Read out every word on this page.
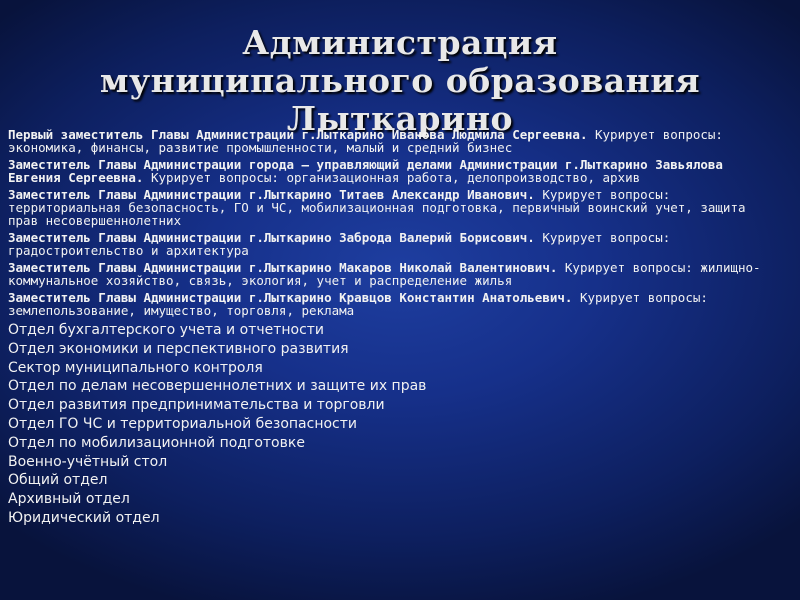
Администрация
муниципального образования
Лыткарино

Первый заместитель Главы Администрации г.Лыткарино Иванова Людмила Сергеевна. Курирует вопросы: экономика, финансы, развитие промышленности, малый и средний бизнес

Заместитель Главы Администрации города – управляющий делами Администрации г.Лыткарино Завьялова Евгения Сергеевна. Курирует вопросы: организационная работа, делопроизводство, архив

Заместитель Главы Администрации г.Лыткарино Титаев Александр Иванович. Курирует вопросы: территориальная безопасность, ГО и ЧС, мобилизационная подготовка, первичный воинский учет, защита прав несовершеннолетних

Заместитель Главы Администрации г.Лыткарино Заброда Валерий Борисович. Курирует вопросы: градостроительство и архитектура

Заместитель Главы Администрации г.Лыткарино Макаров Николай Валентинович. Курирует вопросы: жилищно-коммунальное хозяйство, связь, экология, учет и распределение жилья

Заместитель Главы Администрации г.Лыткарино Кравцов Константин Анатольевич. Курирует вопросы: землепользование, имущество, торговля, реклама

Отдел бухгалтерского учета и отчетности

Отдел экономики и перспективного развития

Сектор муниципального контроля

Отдел по делам несовершеннолетних и защите их прав

Отдел развития предпринимательства и торговли

Отдел ГО ЧС и территориальной безопасности

Отдел по мобилизационной подготовке

Военно-учётный стол

Общий отдел

Архивный отдел

Юридический отдел
